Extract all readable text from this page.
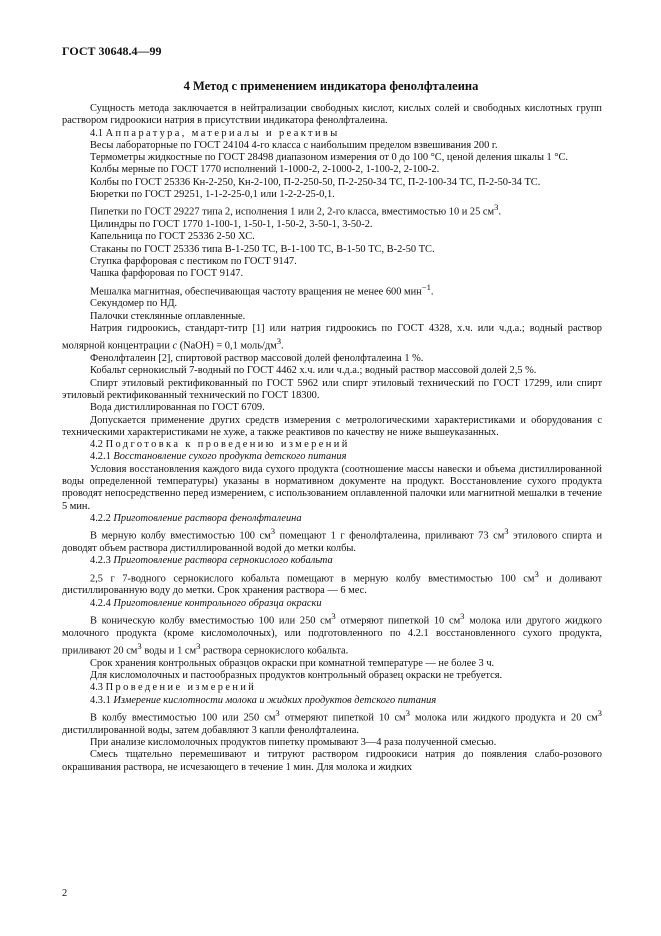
ГОСТ 30648.4—99
4 Метод с применением индикатора фенолфталеина

Сущность метода заключается в нейтрализации свободных кислот, кислых солей и свободных кислотных групп раствором гидроокиси натрия в присутствии индикатора фенолфталеина.

4.1 Аппаратура, материалы и реактивы

Весы лабораторные по ГОСТ 24104 4-го класса с наибольшим пределом взвешивания 200 г.

Термометры жидкостные по ГОСТ 28498 диапазоном измерения от 0 до 100 °С, ценой деления шкалы 1 °С.

Колбы мерные по ГОСТ 1770 исполнений 1-1000-2, 2-1000-2, 1-100-2, 2-100-2.

Колбы по ГОСТ 25336 Кн-2-250, Кн-2-100, П-2-250-50, П-2-250-34 ТС, П-2-100-34 ТС, П-2-50-34 ТС.

Бюретки по ГОСТ 29251, 1-1-2-25-0,1 или 1-2-2-25-0,1.

Пипетки по ГОСТ 29227 типа 2, исполнения 1 или 2, 2-го класса, вместимостью 10 и 25 $см^3$.

Цилиндры по ГОСТ 1770 1-100-1, 1-50-1, 1-50-2, 3-50-1, 3-50-2.

Капельница по ГОСТ 25336 2-50 ХС.

Стаканы по ГОСТ 25336 типа В-1-250 ТС, В-1-100 ТС, В-1-50 ТС, В-2-50 ТС.

Ступка фарфоровая с пестиком по ГОСТ 9147.

Чашка фарфоровая по ГОСТ 9147.

Мешалка магнитная, обеспечивающая частоту вращения не менее 600 мин$^{-1}$.

Секундомер по НД.

Палочки стеклянные оплавленные.

Натрия гидроокись, стандарт-титр [1] или натрия гидроокись по ГОСТ 4328, х.ч. или ч.д.а.; водный раствор молярной концентрации c (NaOH) = 0,1 моль/$дм^3$.

Фенолфталеин [2], спиртовой раствор массовой долей фенолфталеина 1 %.

Кобальт сернокислый 7-водный по ГОСТ 4462 х.ч. или ч.д.а.; водный раствор массовой долей 2,5 %.

Спирт этиловый ректификованный по ГОСТ 5962 или спирт этиловый технический по ГОСТ 17299, или спирт этиловый ректификованный технический по ГОСТ 18300.

Вода дистиллированная по ГОСТ 6709.

Допускается применение других средств измерения с метрологическими характеристиками и оборудования с техническими характеристиками не хуже, а также реактивов по качеству не ниже вышеуказанных.

4.2 Подготовка к проведению измерений

4.2.1 Восстановление сухого продукта детского питания

Условия восстановления каждого вида сухого продукта (соотношение массы навески и объема дистиллированной воды определенной температуры) указаны в нормативном документе на продукт. Восстановление сухого продукта проводят непосредственно перед измерением, с использованием оплавленной палочки или магнитной мешалки в течение 5 мин.

4.2.2 Приготовление раствора фенолфталеина

В мерную колбу вместимостью 100 $см^3$ помещают 1 г фенолфталеина, приливают 73 $см^3$ этилового спирта и доводят объем раствора дистиллированной водой до метки колбы.

4.2.3 Приготовление раствора сернокислого кобальта

2,5 г 7-водного сернокислого кобальта помещают в мерную колбу вместимостью 100 $см^3$ и доливают дистиллированную воду до метки. Срок хранения раствора — 6 мес.

4.2.4 Приготовление контрольного образца окраски

В коническую колбу вместимостью 100 или 250 $см^3$ отмеряют пипеткой 10 $см^3$ молока или другого жидкого молочного продукта (кроме кисломолочных), или подготовленного по 4.2.1 восстановленного сухого продукта, приливают 20 $см^3$ воды и 1 $см^3$ раствора сернокислого кобальта.

Срок хранения контрольных образцов окраски при комнатной температуре — не более 3 ч.

Для кисломолочных и пастообразных продуктов контрольный образец окраски не требуется.

4.3 Проведение измерений

4.3.1 Измерение кислотности молока и жидких продуктов детского питания

В колбу вместимостью 100 или 250 $см^3$ отмеряют пипеткой 10 $см^3$ молока или жидкого продукта и 20 $см^3$ дистиллированной воды, затем добавляют 3 капли фенолфталеина.

При анализе кисломолочных продуктов пипетку промывают 3—4 раза полученной смесью.

Смесь тщательно перемешивают и титруют раствором гидроокиси натрия до появления слабо-розового окрашивания раствора, не исчезающего в течение 1 мин. Для молока и жидких

2
